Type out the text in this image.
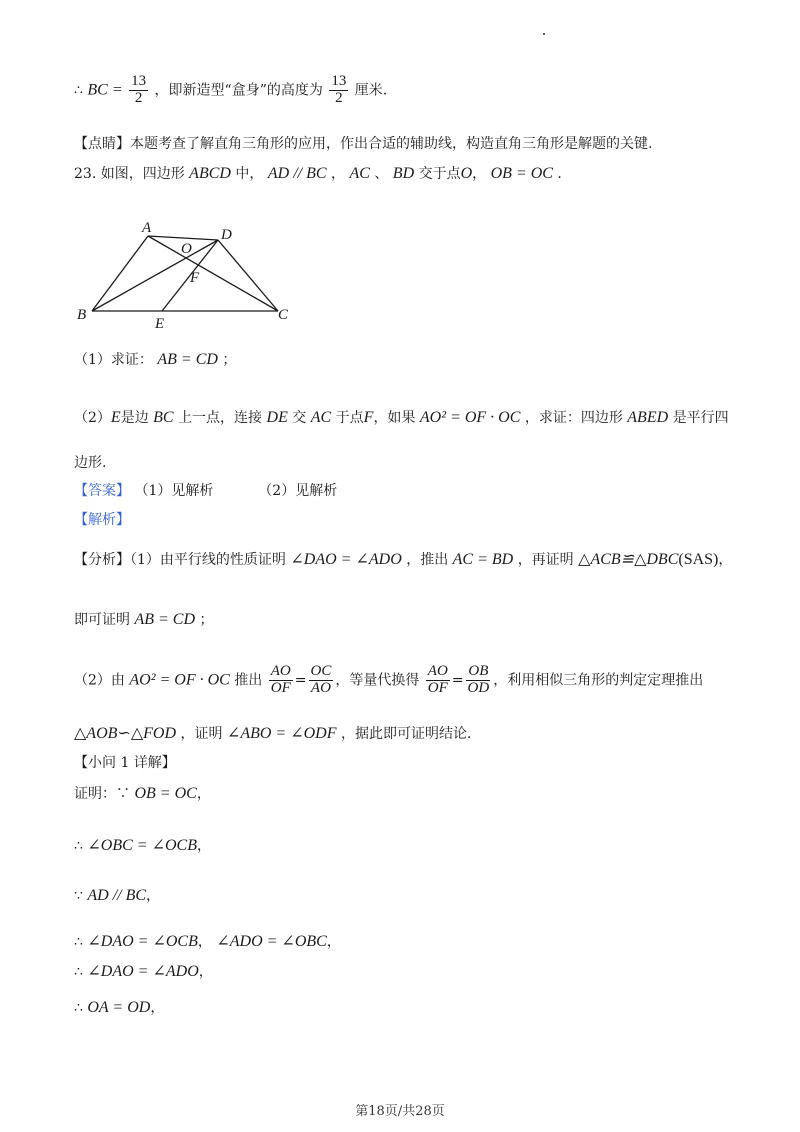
∴ BC = $\frac{13}{2}$ ，即新造型“盒身”的高度为 $\frac{13}{2}$ 厘米.
【点睛】本题考查了解直角三角形的应用，作出合适的辅助线，构造直角三角形是解题的关键.
23. 如图，四边形 ABCD 中， AD // BC ， AC 、 BD 交于点O， OB = OC .
A
O
D
F
B
E
C
（1）求证： AB = CD ；
（2）E是边 BC 上一点，连接 DE 交 AC 于点F，如果 AO² = OF · OC ，求证：四边形 ABED 是平行四
边形.
【答案】 （1）见解析	（2）见解析
【解析】
【分析】（1）由平行线的性质证明 ∠DAO = ∠ADO ，推出 AC = BD ，再证明 △ACB≌△DBC(SAS)，
即可证明 AB = CD ；
（2）由 AO² = OF · OC 推出 $\frac{AO}{OF} = \frac{OC}{AO}$ ，等量代换得 $\frac{AO}{OF} = \frac{OB}{OD}$ ，利用相似三角形的判定定理推出
△AOB∽△FOD ，证明 ∠ABO = ∠ODF ，据此即可证明结论.
【小问 1 详解】
证明：∵ OB = OC，
∴ ∠OBC = ∠OCB，
∵ AD // BC，
∴ ∠DAO = ∠OCB， ∠ADO = ∠OBC，
∴ ∠DAO = ∠ADO，
∴ OA = OD，
第18页/共28页
